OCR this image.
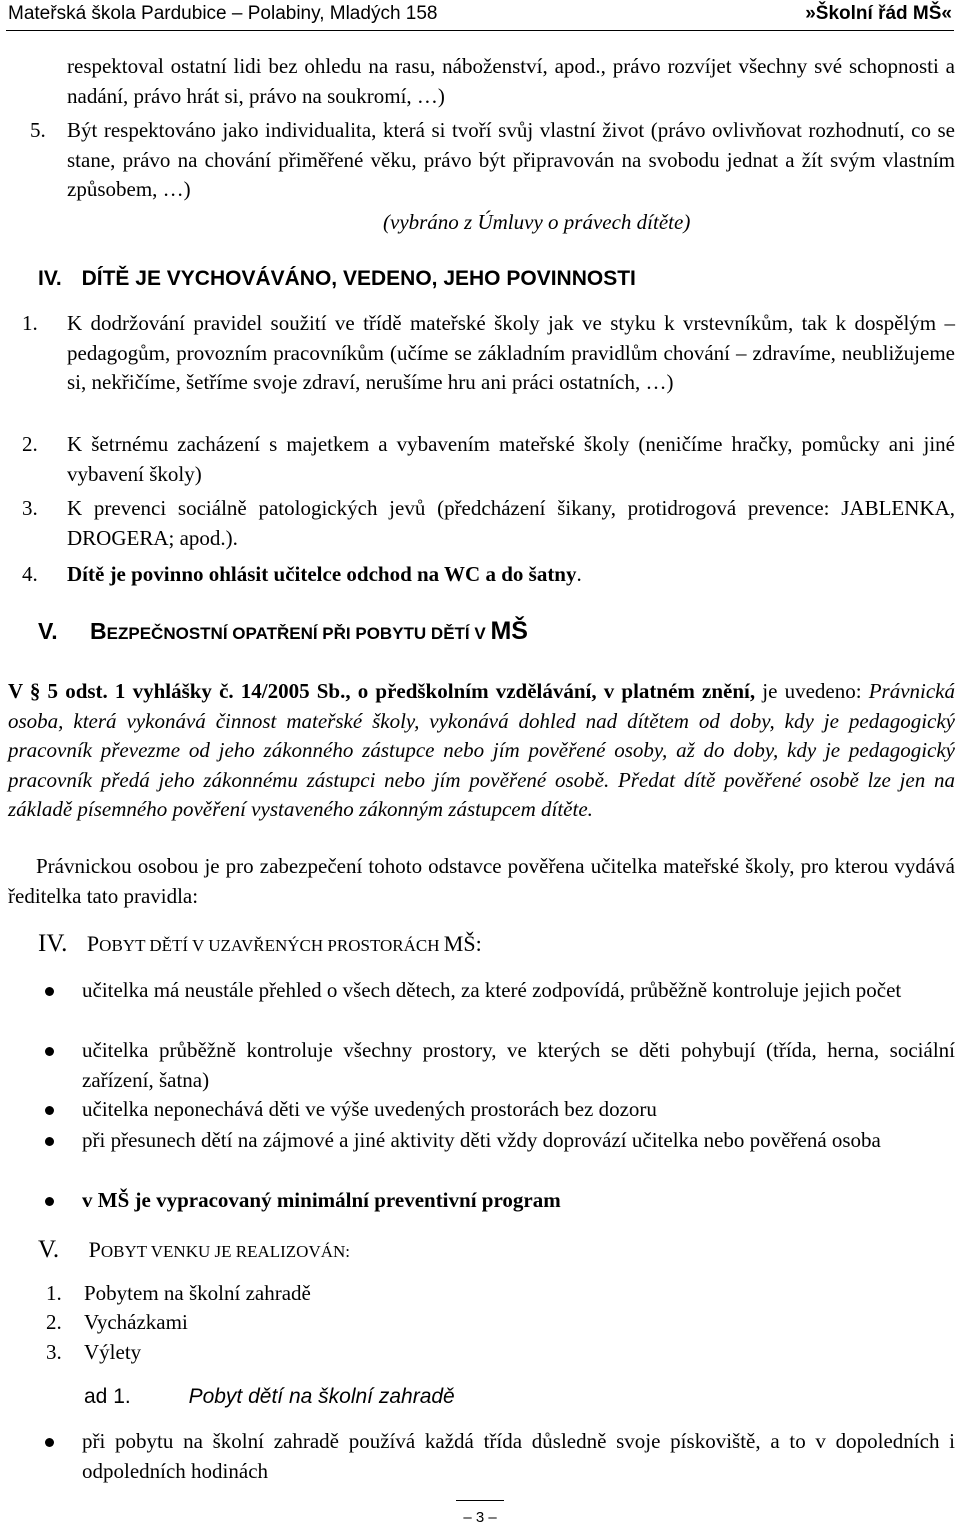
Mateřská škola Pardubice – Polabiny, Mladých 158	»Školní řád MŠ«

respektoval ostatní lidi bez ohledu na rasu, náboženství, apod., právo rozvíjet všechny své schopnosti a nadání, právo hrát si, právo na soukromí, …)

5. Být respektováno jako individualita, která si tvoří svůj vlastní život (právo ovlivňovat rozhodnutí, co se stane, právo na chování přiměřené věku, právo být připravován na svobodu jednat a žít svým vlastním způsobem, …)

(vybráno z Úmluvy o právech dítěte)

IV. DÍTĚ JE VYCHOVÁVÁNO, VEDENO, JEHO POVINNOSTI
1. K dodržování pravidel soužití ve třídě mateřské školy jak ve styku k vrstevníkům, tak k dospělým – pedagogům, provozním pracovníkům (učíme se základním pravidlům chování – zdravíme, neubližujeme si, nekřičíme, šetříme svoje zdraví, nerušíme hru ani práci ostatních, …)

2. K šetrnému zacházení s majetkem a vybavením mateřské školy (neničíme hračky, pomůcky ani jiné vybavení školy)

3. K prevenci sociálně patologických jevů (předcházení šikany, protidrogová prevence: JABLENKA, DROGERA; apod.).

4. Dítě je povinno ohlásit učitelce odchod na WC a do šatny.

V. BEZPEČNOSTNÍ OPATŘENÍ PŘI POBYTU DĚTÍ V MŠ

V § 5 odst. 1 vyhlášky č. 14/2005 Sb., o předškolním vzdělávání, v platném znění, je uvedeno: Právnická osoba, která vykonává činnost mateřské školy, vykonává dohled nad dítětem od doby, kdy je pedagogický pracovník převezme od jeho zákonného zástupce nebo jím pověřené osoby, až do doby, kdy je pedagogický pracovník předá jeho zákonnému zástupci nebo jím pověřené osobě. Předat dítě pověřené osobě lze jen na základě písemného pověření vystaveného zákonným zástupcem dítěte.

Právnickou osobou je pro zabezpečení tohoto odstavce pověřena učitelka mateřské školy, pro kterou vydává ředitelka tato pravidla:

IV. POBYT DĚTÍ V UZAVŘENÝCH PROSTORÁCH MŠ:

učitelka má neustále přehled o všech dětech, za které zodpovídá, průběžně kontroluje jejich počet

učitelka průběžně kontroluje všechny prostory, ve kterých se děti pohybují (třída, herna, sociální zařízení, šatna)

učitelka neponechává děti ve výše uvedených prostorách bez dozoru

při přesunech dětí na zájmové a jiné aktivity děti vždy doprovází učitelka nebo pověřená osoba

v MŠ je vypracovaný minimální preventivní program

V. POBYT VENKU JE REALIZOVÁN:
1. Pobytem na školní zahradě

2. Vycházkami

3. Výlety

ad 1.	Pobyt dětí na školní zahradě

při pobytu na školní zahradě používá každá třída důsledně svoje pískoviště, a to v dopoledních i odpoledních hodinách

– 3 –
